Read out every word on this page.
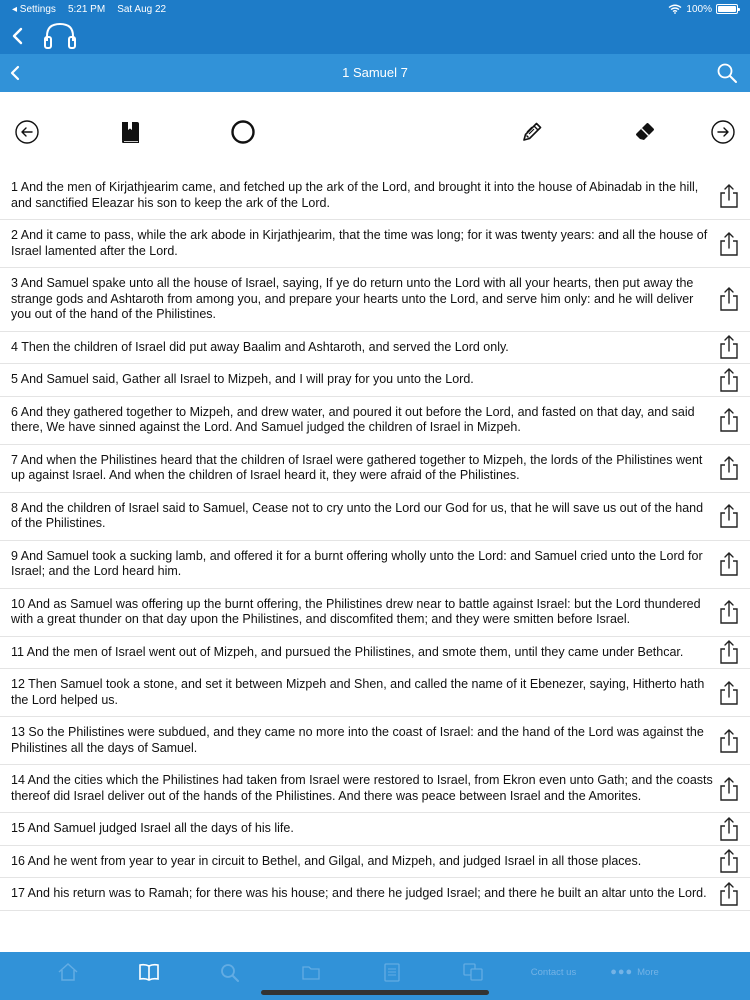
◂ Settings 5:21 PM Sat Aug 22	100%
1 Samuel 7
1 And the men of Kirjathjearim came, and fetched up the ark of the Lord, and brought it into the house of Abinadab in the hill, and sanctified Eleazar his son to keep the ark of the Lord.
2 And it came to pass, while the ark abode in Kirjathjearim, that the time was long; for it was twenty years: and all the house of Israel lamented after the Lord.
3 And Samuel spake unto all the house of Israel, saying, If ye do return unto the Lord with all your hearts, then put away the strange gods and Ashtaroth from among you, and prepare your hearts unto the Lord, and serve him only: and he will deliver you out of the hand of the Philistines.
4 Then the children of Israel did put away Baalim and Ashtaroth, and served the Lord only.
5 And Samuel said, Gather all Israel to Mizpeh, and I will pray for you unto the Lord.
6 And they gathered together to Mizpeh, and drew water, and poured it out before the Lord, and fasted on that day, and said there, We have sinned against the Lord. And Samuel judged the children of Israel in Mizpeh.
7 And when the Philistines heard that the children of Israel were gathered together to Mizpeh, the lords of the Philistines went up against Israel. And when the children of Israel heard it, they were afraid of the Philistines.
8 And the children of Israel said to Samuel, Cease not to cry unto the Lord our God for us, that he will save us out of the hand of the Philistines.
9 And Samuel took a sucking lamb, and offered it for a burnt offering wholly unto the Lord: and Samuel cried unto the Lord for Israel; and the Lord heard him.
10 And as Samuel was offering up the burnt offering, the Philistines drew near to battle against Israel: but the Lord thundered with a great thunder on that day upon the Philistines, and discomfited them; and they were smitten before Israel.
11 And the men of Israel went out of Mizpeh, and pursued the Philistines, and smote them, until they came under Bethcar.
12 Then Samuel took a stone, and set it between Mizpeh and Shen, and called the name of it Ebenezer, saying, Hitherto hath the Lord helped us.
13 So the Philistines were subdued, and they came no more into the coast of Israel: and the hand of the Lord was against the Philistines all the days of Samuel.
14 And the cities which the Philistines had taken from Israel were restored to Israel, from Ekron even unto Gath; and the coasts thereof did Israel deliver out of the hands of the Philistines. And there was peace between Israel and the Amorites.
15 And Samuel judged Israel all the days of his life.
16 And he went from year to year in circuit to Bethel, and Gilgal, and Mizpeh, and judged Israel in all those places.
17 And his return was to Ramah; for there was his house; and there he judged Israel; and there he built an altar unto the Lord.
Contact us	●●● More
